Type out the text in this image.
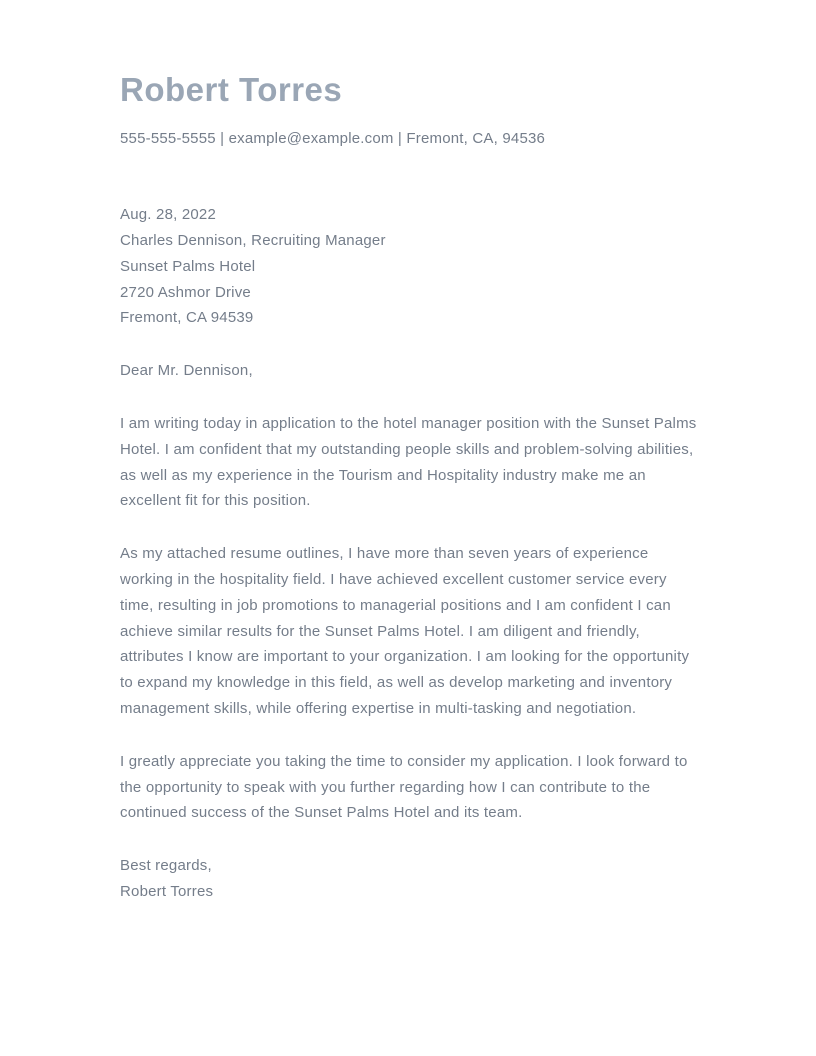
Robert Torres
555-555-5555 | example@example.com | Fremont, CA, 94536
Aug. 28, 2022
Charles Dennison, Recruiting Manager
Sunset Palms Hotel
2720 Ashmor Drive
Fremont, CA 94539
Dear Mr. Dennison,

I am writing today in application to the hotel manager position with the Sunset Palms Hotel. I am confident that my outstanding people skills and problem-solving abilities, as well as my experience in the Tourism and Hospitality industry make me an excellent fit for this position.

As my attached resume outlines, I have more than seven years of experience working in the hospitality field. I have achieved excellent customer service every time, resulting in job promotions to managerial positions and I am confident I can achieve similar results for the Sunset Palms Hotel. I am diligent and friendly, attributes I know are important to your organization. I am looking for the opportunity to expand my knowledge in this field, as well as develop marketing and inventory management skills, while offering expertise in multi-tasking and negotiation.

I greatly appreciate you taking the time to consider my application. I look forward to the opportunity to speak with you further regarding how I can contribute to the continued success of the Sunset Palms Hotel and its team.

Best regards,
Robert Torres
